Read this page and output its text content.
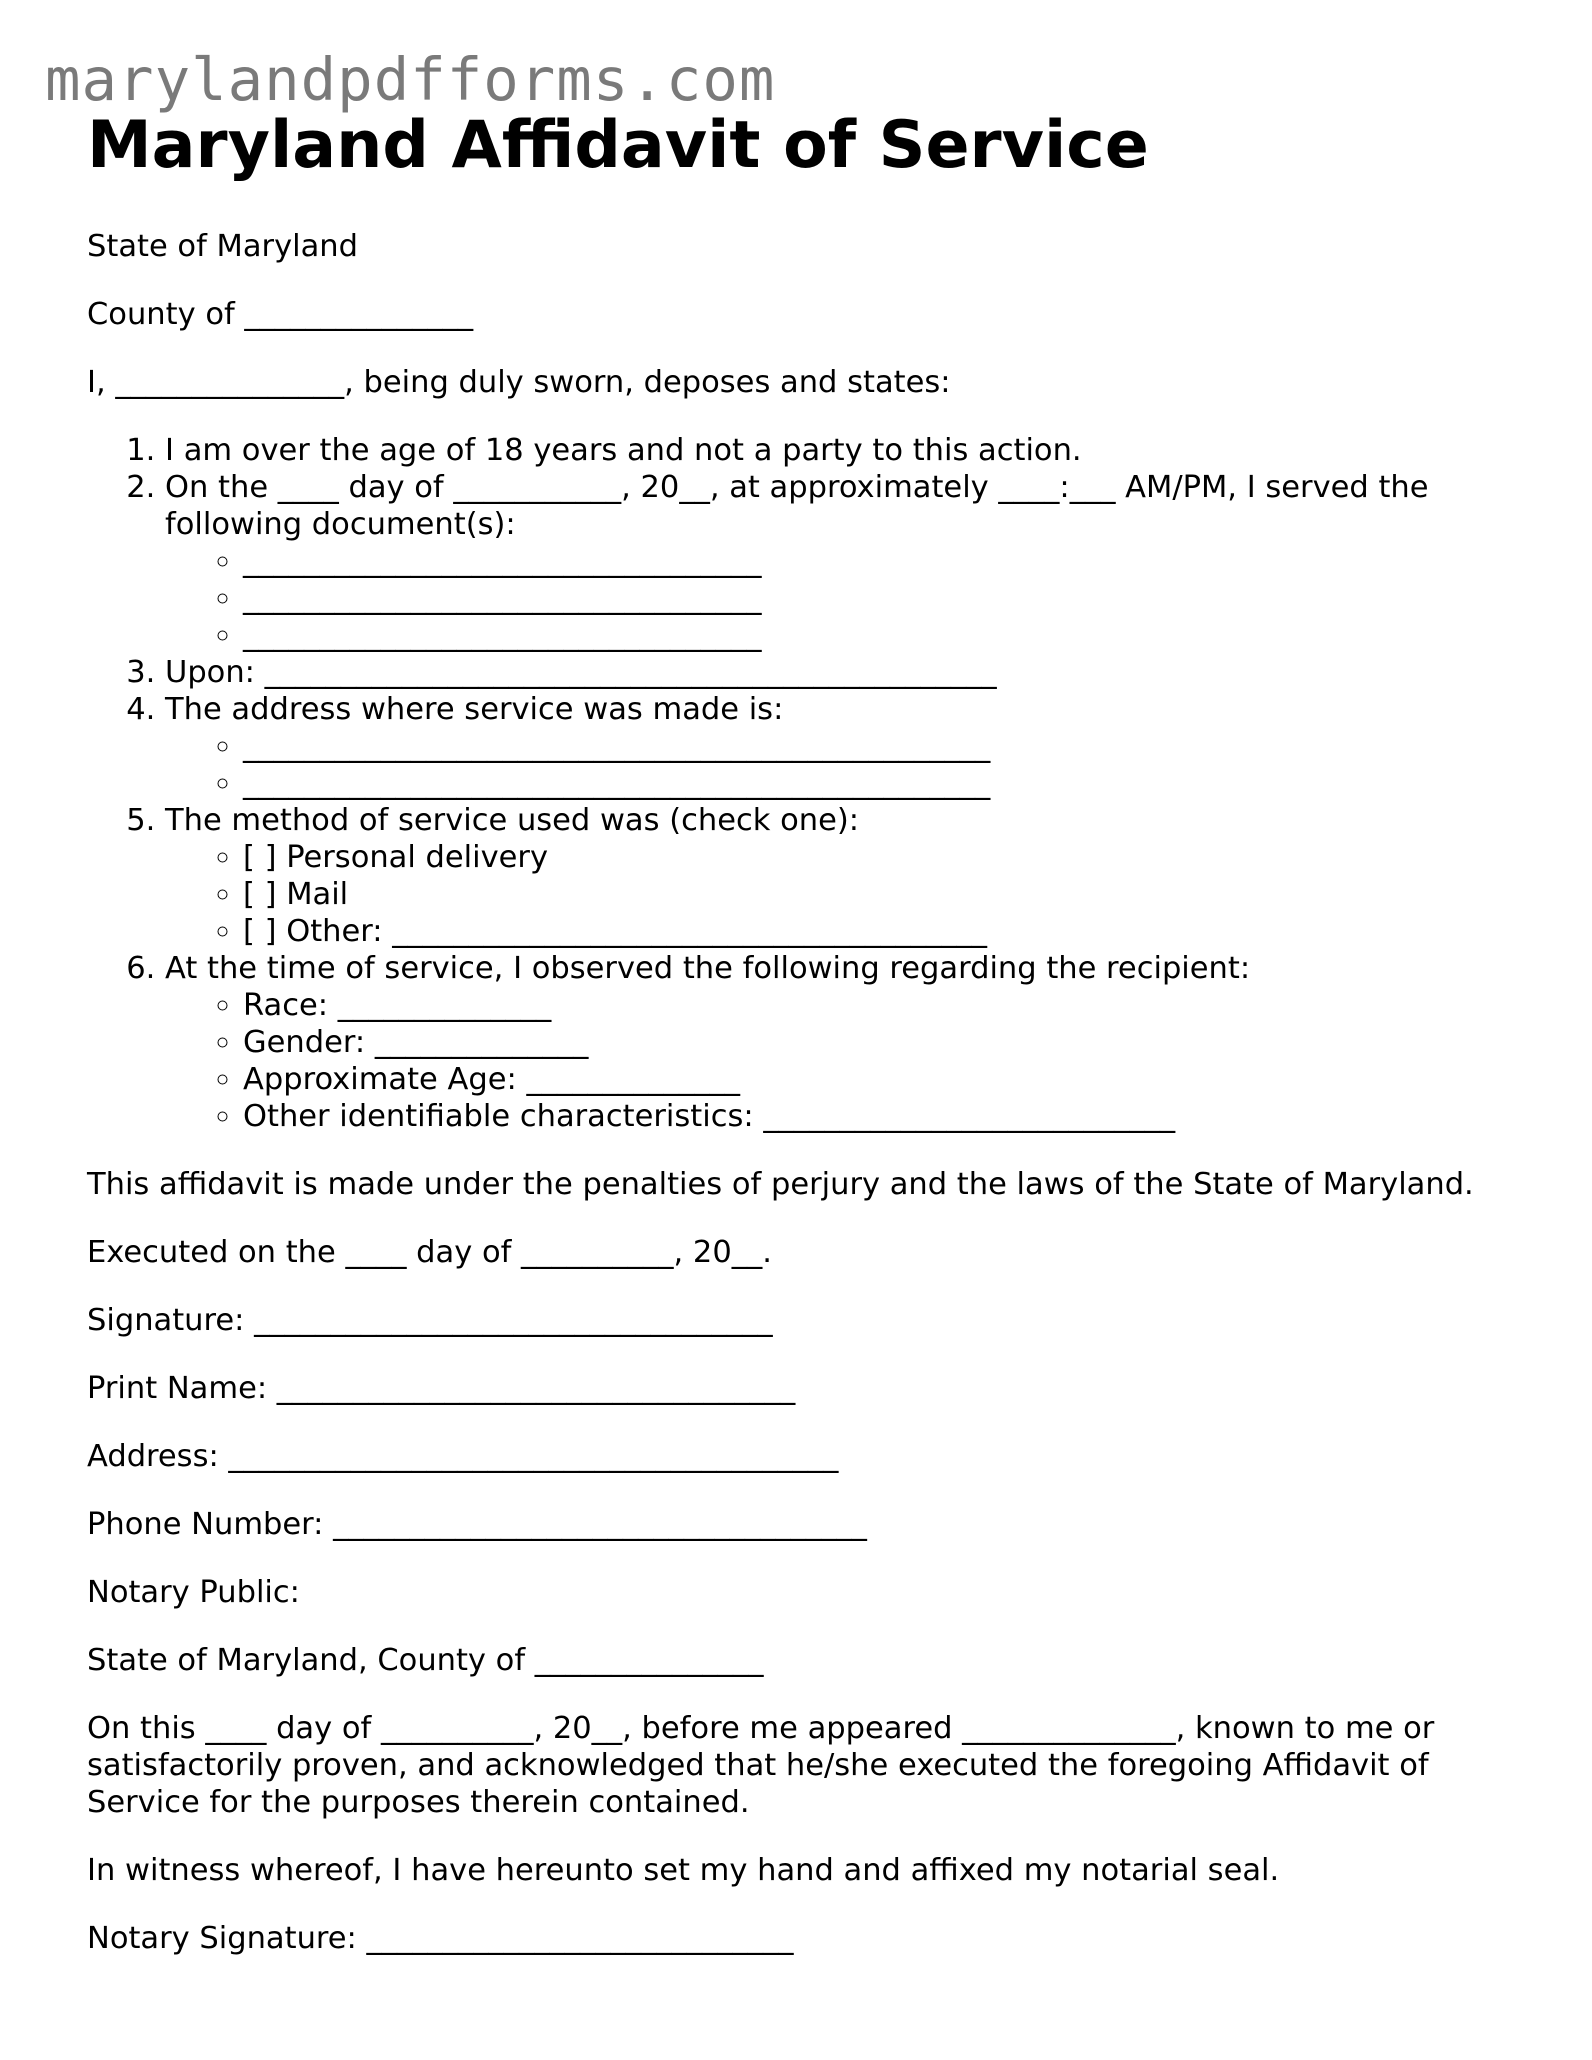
marylandpdfforms.com
Maryland Affidavit of Service

State of Maryland

County of _______________

I, _______________, being duly sworn, deposes and states:

1. I am over the age of 18 years and not a party to this action.
2. On the ____ day of ___________, 20__, at approximately ____:___ AM/PM, I served the following document(s):
◦ __________________________________
◦ __________________________________
◦ __________________________________
3. Upon: ________________________________________________
4. The address where service was made is:
◦ _________________________________________________
◦ _________________________________________________
5. The method of service used was (check one):
◦ [ ] Personal delivery
◦ [ ] Mail
◦ [ ] Other: _______________________________________
6. At the time of service, I observed the following regarding the recipient:
◦ Race: ______________
◦ Gender: ______________
◦ Approximate Age: ______________
◦ Other identifiable characteristics: ___________________________

This affidavit is made under the penalties of perjury and the laws of the State of Maryland.

Executed on the ____ day of __________, 20__.

Signature: __________________________________

Print Name: __________________________________

Address: ________________________________________

Phone Number: ___________________________________

Notary Public:

State of Maryland, County of _______________

On this ____ day of __________, 20__, before me appeared ______________, known to me or satisfactorily proven, and acknowledged that he/she executed the foregoing Affidavit of Service for the purposes therein contained.

In witness whereof, I have hereunto set my hand and affixed my notarial seal.

Notary Signature: ____________________________
